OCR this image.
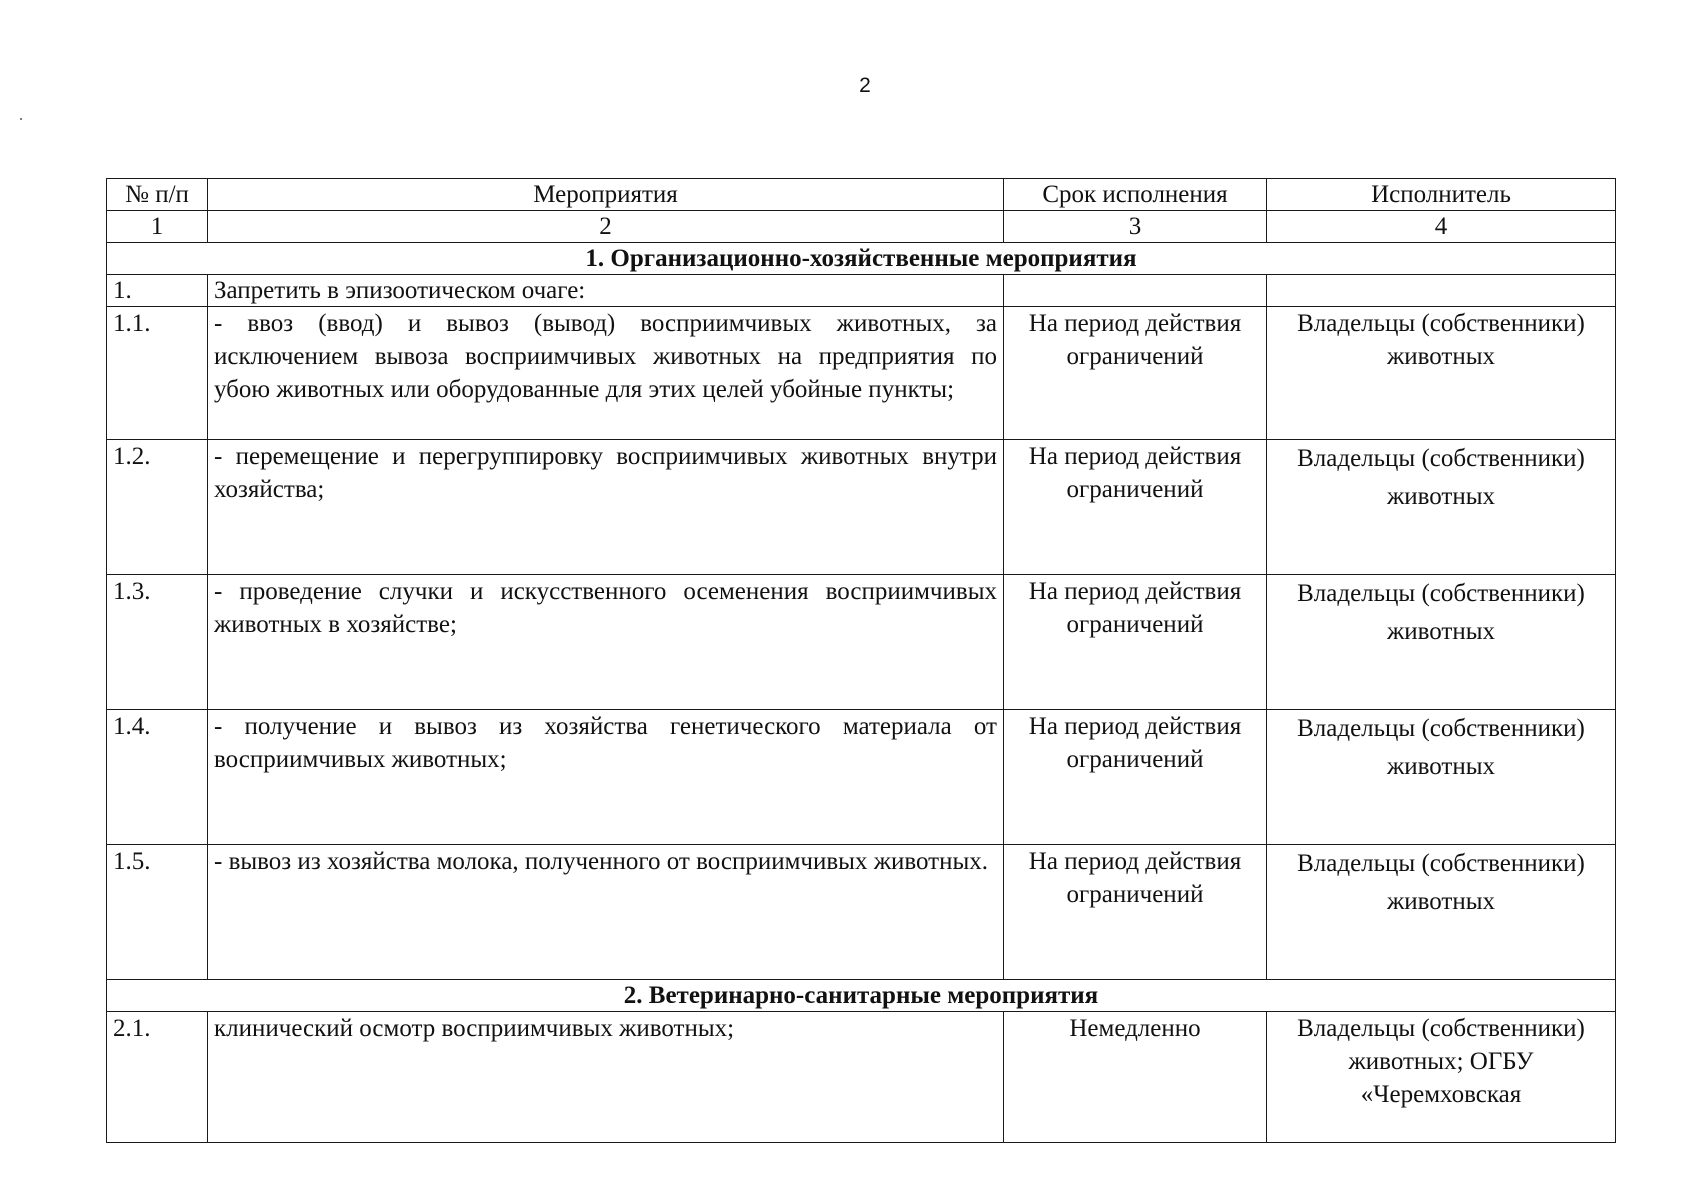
2
№ п/п	Мероприятия	Срок исполнения	Исполнитель
1	2	3	4
1. Организационно-хозяйственные мероприятия			
1.	Запретить в эпизоотическом очаге:		
1.1.	- ввоз (ввод) и вывоз (вывод) восприимчивых животных, за исключением вывоза восприимчивых животных на предприятия по убою животных или оборудованные для этих целей убойные пункты;	На период действия ограничений	Владельцы (собственники) животных
1.2.	- перемещение и перегруппировку восприимчивых животных внутри хозяйства;	На период действия ограничений	Владельцы (собственники) животных
1.3.	- проведение случки и искусственного осеменения восприимчивых животных в хозяйстве;	На период действия ограничений	Владельцы (собственники) животных
1.4.	- получение и вывоз из хозяйства генетического материала от восприимчивых животных;	На период действия ограничений	Владельцы (собственники) животных
1.5.	- вывоз из хозяйства молока, полученного от восприимчивых животных.	На период действия ограничений	Владельцы (собственники) животных
2. Ветеринарно-санитарные мероприятия			
2.1.	клинический осмотр восприимчивых животных;	Немедленно	Владельцы (собственники) животных; ОГБУ «Черемховская
